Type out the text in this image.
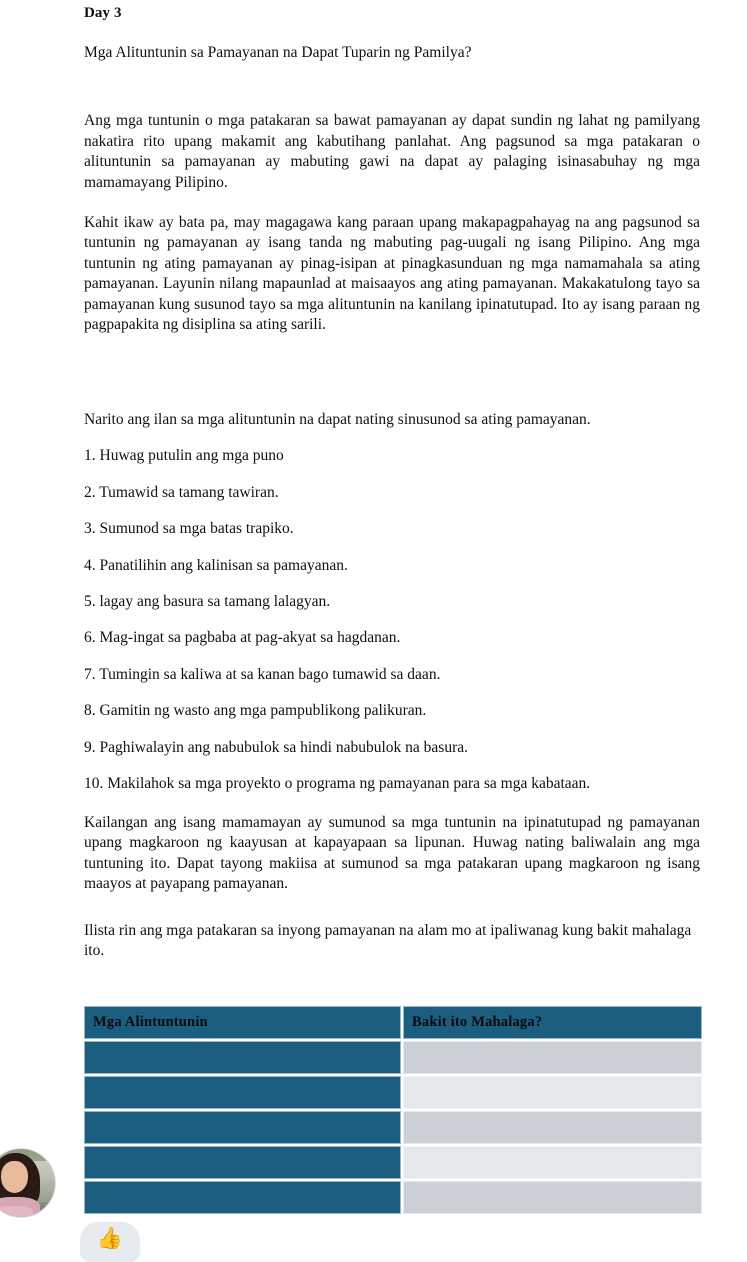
Day 3

Mga Alituntunin sa Pamayanan na Dapat Tuparin ng Pamilya?

Ang mga tuntunin o mga patakaran sa bawat pamayanan ay dapat sundin ng lahat ng pamilyang nakatira rito upang makamit ang kabutihang panlahat. Ang pagsunod sa mga patakaran o alituntunin sa pamayanan ay mabuting gawi na dapat ay palaging isinasabuhay ng mga mamamayang Pilipino.

Kahit ikaw ay bata pa, may magagawa kang paraan upang makapagpahayag na ang pagsunod sa tuntunin ng pamayanan ay isang tanda ng mabuting pag-uugali ng isang Pilipino. Ang mga tuntunin ng ating pamayanan ay pinag-isipan at pinagkasunduan ng mga namamahala sa ating pamayanan. Layunin nilang mapaunlad at maisaayos ang ating pamayanan. Makakatulong tayo sa pamayanan kung susunod tayo sa mga alituntunin na kanilang ipinatutupad. Ito ay isang paraan ng pagpapakita ng disiplina sa ating sarili.

Narito ang ilan sa mga alituntunin na dapat nating sinusunod sa ating pamayanan.

1. Huwag putulin ang mga puno
2. Tumawid sa tamang tawiran.
3. Sumunod sa mga batas trapiko.
4. Panatilihin ang kalinisan sa pamayanan.
5. lagay ang basura sa tamang lalagyan.
6. Mag-ingat sa pagbaba at pag-akyat sa hagdanan.
7. Tumingin sa kaliwa at sa kanan bago tumawid sa daan.
8. Gamitin ng wasto ang mga pampublikong palikuran.
9. Paghiwalayin ang nabubulok sa hindi nabubulok na basura.
10. Makilahok sa mga proyekto o programa ng pamayanan para sa mga kabataan.

Kailangan ang isang mamamayan ay sumunod sa mga tuntunin na ipinatutupad ng pamayanan upang magkaroon ng kaayusan at kapayapaan sa lipunan. Huwag nating baliwalain ang mga tuntuning ito. Dapat tayong makiisa at sumunod sa mga patakaran upang magkaroon ng isang maayos at payapang pamayanan.

Ilista rin ang mga patakaran sa inyong pamayanan na alam mo at ipaliwanag kung bakit mahalaga ito.

Mga Alintuntunin	Bakit ito Mahalaga?

👍
